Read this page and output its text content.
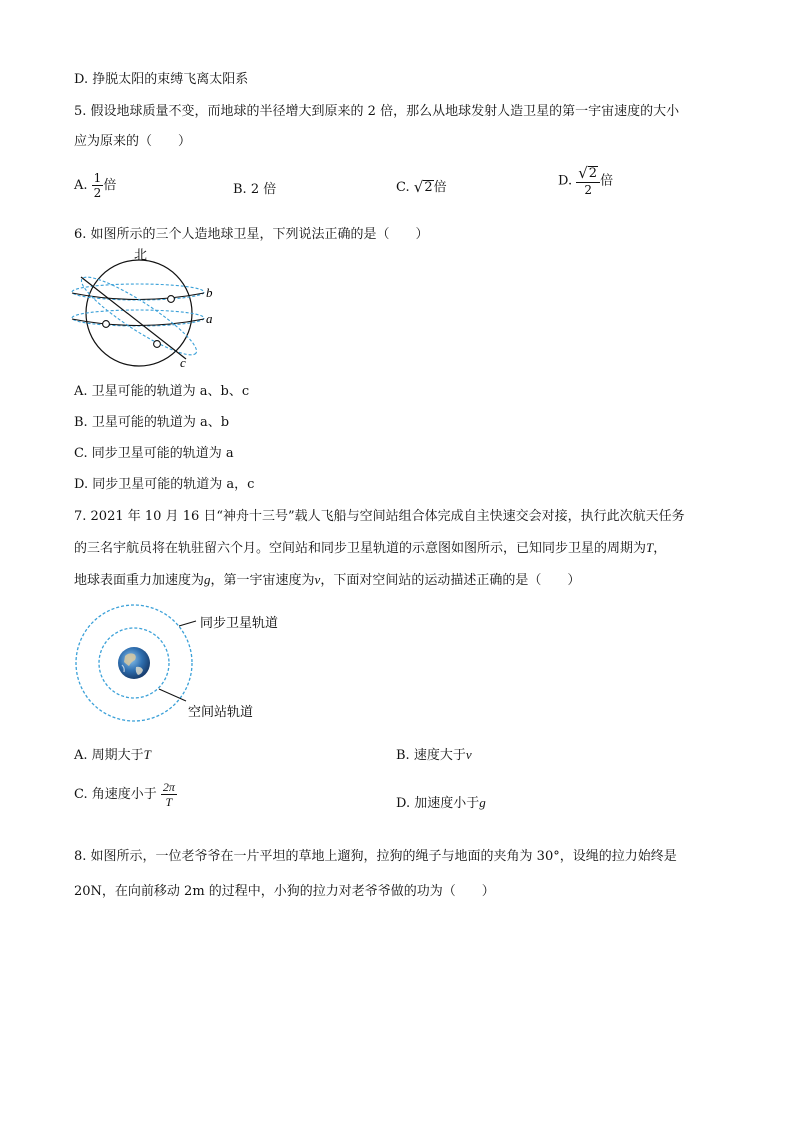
D. 挣脱太阳的束缚飞离太阳系
5. 假设地球质量不变，而地球的半径增大到原来的 2 倍，那么从地球发射人造卫星的第一宇宙速度的大小
应为原来的（　　）
A. $\frac{1}{2}$ 倍	B. 2 倍	C. √ 2 倍	D. $\frac{√ 2}{2}$ 倍
6. 如图所示的三个人造地球卫星，下列说法正确的是（　　）
北
b
a
c
A. 卫星可能的轨道为 a、b、c
B. 卫星可能的轨道为 a、b
C. 同步卫星可能的轨道为 a
D. 同步卫星可能的轨道为 a，c
7. 2021 年 10 月 16 日“神舟十三号”载人飞船与空间站组合体完成自主快速交会对接，执行此次航天任务
的三名宇航员将在轨驻留六个月。空间站和同步卫星轨道的示意图如图所示，已知同步卫星的周期为T，
地球表面重力加速度为g，第一宇宙速度为v，下面对空间站的运动描述正确的是（　　）
同步卫星轨道
空间站轨道
A. 周期大于T	B. 速度大于v
C. 角速度小于 $\frac{2\pi}{T}$	D. 加速度小于g
8. 如图所示，一位老爷爷在一片平坦的草地上遛狗，拉狗的绳子与地面的夹角为 30°，设绳的拉力始终是
20N，在向前移动 2m 的过程中，小狗的拉力对老爷爷做的功为（　　）
